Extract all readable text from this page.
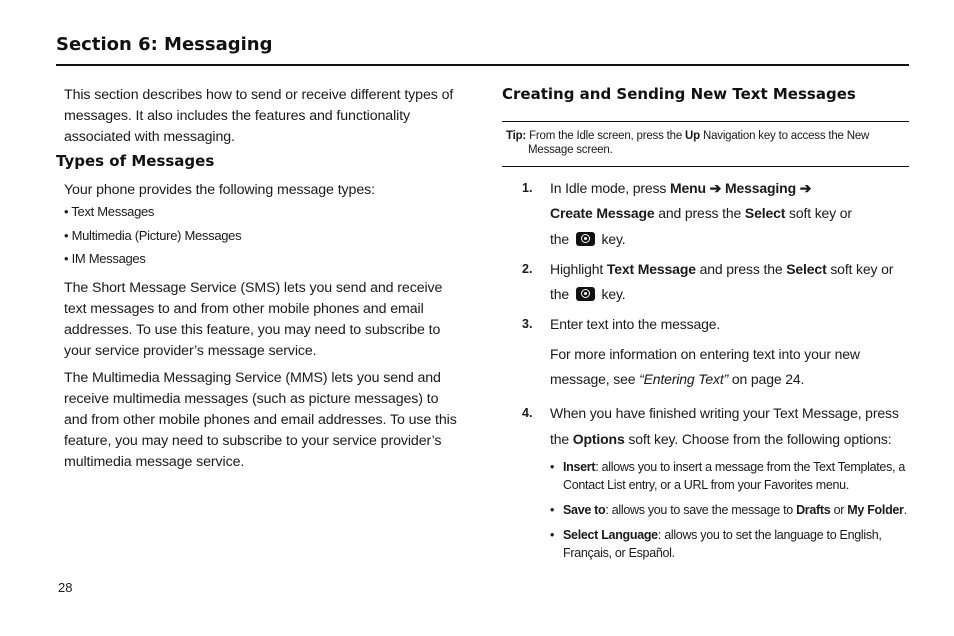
Section 6: Messaging
This section describes how to send or receive different types of messages. It also includes the features and functionality associated with messaging.
Types of Messages
Your phone provides the following message types:
• Text Messages
• Multimedia (Picture) Messages
• IM Messages
The Short Message Service (SMS) lets you send and receive text messages to and from other mobile phones and email addresses. To use this feature, you may need to subscribe to your service provider’s message service.
The Multimedia Messaging Service (MMS) lets you send and receive multimedia messages (such as picture messages) to and from other mobile phones and email addresses. To use this feature, you may need to subscribe to your service provider’s multimedia message service.
Creating and Sending New Text Messages
Tip: From the Idle screen, press the Up Navigation key to access the New
Message screen.
1. In Idle mode, press Menu ➔ Messaging ➔
Create Message and press the Select soft key or
the  key.
2. Highlight Text Message and press the Select soft key or
the  key.
3. Enter text into the message.
For more information on entering text into your new
message, see “Entering Text” on page 24.
4. When you have finished writing your Text Message, press
the Options soft key. Choose from the following options:
• Insert: allows you to insert a message from the Text Templates, a Contact List entry, or a URL from your Favorites menu.
• Save to: allows you to save the message to Drafts or My Folder.
• Select Language: allows you to set the language to English, Français, or Español.
28
